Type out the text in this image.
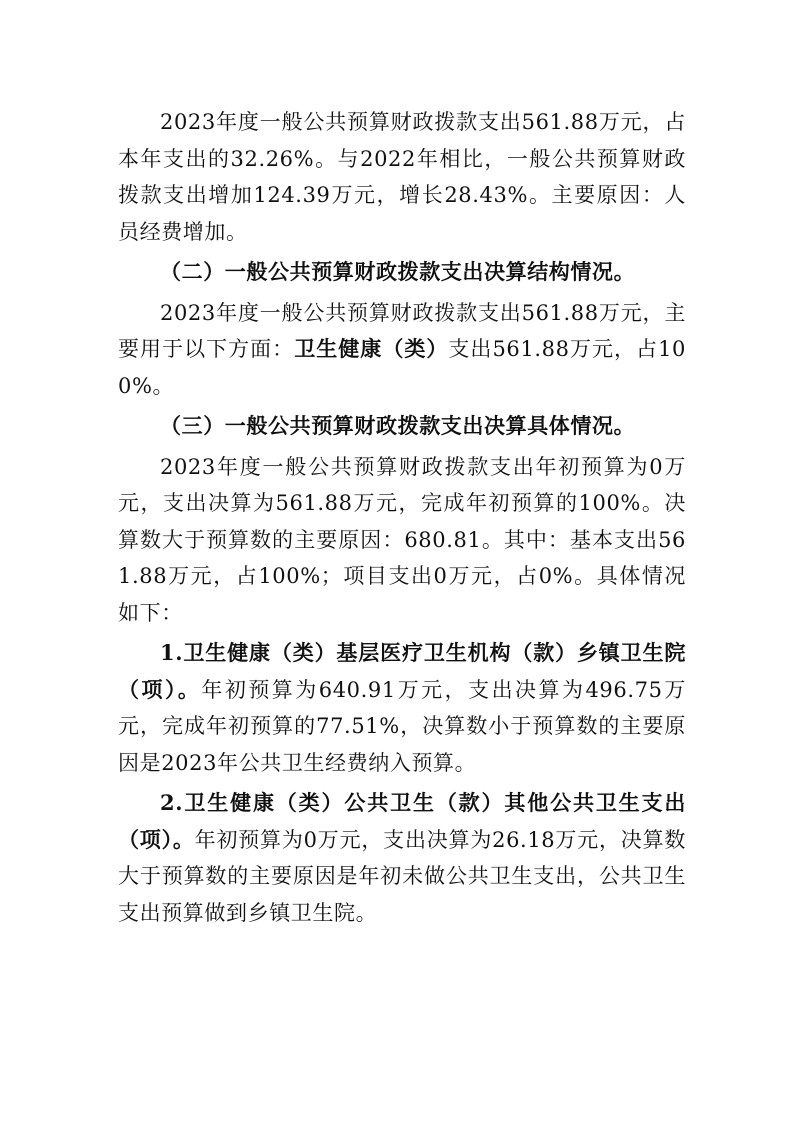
2023年度一般公共预算财政拨款支出561.88万元，占本年支出的32.26%。与2022年相比，一般公共预算财政拨款支出增加124.39万元，增长28.43%。主要原因：人员经费增加。

（二）一般公共预算财政拨款支出决算结构情况。

2023年度一般公共预算财政拨款支出561.88万元，主要用于以下方面：卫生健康（类）支出561.88万元，占100%。

（三）一般公共预算财政拨款支出决算具体情况。

2023年度一般公共预算财政拨款支出年初预算为0万元，支出决算为561.88万元，完成年初预算的100%。决算数大于预算数的主要原因：680.81。其中：基本支出561.88万元，占100%；项目支出0万元，占0%。具体情况如下：

1.卫生健康（类）基层医疗卫生机构（款）乡镇卫生院（项）。年初预算为640.91万元，支出决算为496.75万元，完成年初预算的77.51%，决算数小于预算数的主要原因是2023年公共卫生经费纳入预算。

2.卫生健康（类）公共卫生（款）其他公共卫生支出（项）。年初预算为0万元，支出决算为26.18万元，决算数大于预算数的主要原因是年初未做公共卫生支出，公共卫生支出预算做到乡镇卫生院。
